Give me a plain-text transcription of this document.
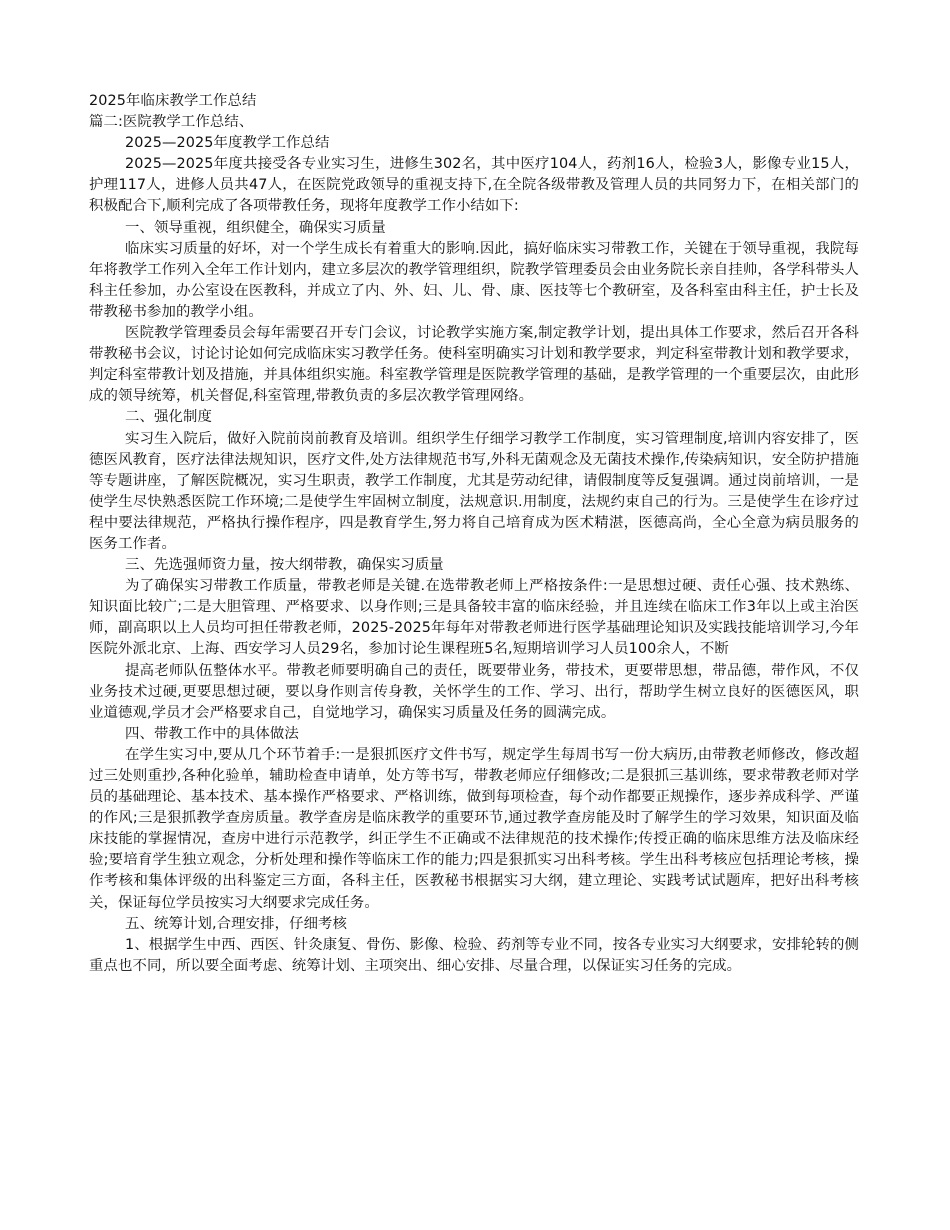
2025年临床教学工作总结

篇二:医院教学工作总结、

2025—2025年度教学工作总结

2025—2025年度共接受各专业实习生，进修生302名，其中医疗104人，药剂16人，检验3人，影像专业15人，护理117人，进修人员共47人，在医院党政领导的重视支持下,在全院各级带教及管理人员的共同努力下，在相关部门的积极配合下,顺利完成了各项带教任务，现将年度教学工作小结如下:

一、领导重视，组织健全，确保实习质量

临床实习质量的好坏，对一个学生成长有着重大的影响.因此，搞好临床实习带教工作，关键在于领导重视，我院每年将教学工作列入全年工作计划内，建立多层次的教学管理组织，院教学管理委员会由业务院长亲自挂帅，各学科带头人科主任参加，办公室设在医教科，并成立了内、外、妇、儿、骨、康、医技等七个教研室，及各科室由科主任，护士长及带教秘书参加的教学小组。

医院教学管理委员会每年需要召开专门会议，讨论教学实施方案,制定教学计划，提出具体工作要求，然后召开各科带教秘书会议，讨论讨论如何完成临床实习教学任务。使科室明确实习计划和教学要求，判定科室带教计划和教学要求，判定科室带教计划及措施，并具体组织实施。科室教学管理是医院教学管理的基础，是教学管理的一个重要层次，由此形成的领导统筹，机关督促,科室管理,带教负责的多层次教学管理网络。

二、强化制度

实习生入院后，做好入院前岗前教育及培训。组织学生仔细学习教学工作制度，实习管理制度,培训内容安排了，医德医风教育，医疗法律法规知识，医疗文件,处方法律规范书写,外科无菌观念及无菌技术操作,传染病知识，安全防护措施等专题讲座，了解医院概况，实习生职责，教学工作制度，尤其是劳动纪律，请假制度等反复强调。通过岗前培训，一是使学生尽快熟悉医院工作环境;二是使学生牢固树立制度，法规意识.用制度，法规约束自己的行为。三是使学生在诊疗过程中要法律规范，严格执行操作程序，四是教育学生,努力将自己培育成为医术精湛，医德高尚，全心全意为病员服务的医务工作者。

三、先选强师资力量，按大纲带教，确保实习质量

为了确保实习带教工作质量，带教老师是关键.在选带教老师上严格按条件:一是思想过硬、责任心强、技术熟练、知识面比较广;二是大胆管理、严格要求、以身作则;三是具备较丰富的临床经验，并且连续在临床工作3年以上或主治医师，副高职以上人员均可担任带教老师，2025-2025年每年对带教老师进行医学基础理论知识及实践技能培训学习,今年医院外派北京、上海、西安学习人员29名，参加讨论生课程班5名,短期培训学习人员100余人，不断

提高老师队伍整体水平。带教老师要明确自己的责任，既要带业务，带技术，更要带思想，带品德，带作风，不仅业务技术过硬,更要思想过硬，要以身作则言传身教，关怀学生的工作、学习、出行，帮助学生树立良好的医德医风，职业道德观,学员才会严格要求自己，自觉地学习，确保实习质量及任务的圆满完成。

四、带教工作中的具体做法

在学生实习中,要从几个环节着手:一是狠抓医疗文件书写，规定学生每周书写一份大病历,由带教老师修改，修改超过三处则重抄,各种化验单，辅助检查申请单，处方等书写，带教老师应仔细修改;二是狠抓三基训练，要求带教老师对学员的基础理论、基本技术、基本操作严格要求、严格训练，做到每项检查，每个动作都要正规操作，逐步养成科学、严谨的作风;三是狠抓教学查房质量。教学查房是临床教学的重要环节,通过教学查房能及时了解学生的学习效果，知识面及临床技能的掌握情况，查房中进行示范教学，纠正学生不正确或不法律规范的技术操作;传授正确的临床思维方法及临床经验;要培育学生独立观念，分析处理和操作等临床工作的能力;四是狠抓实习出科考核。学生出科考核应包括理论考核，操作考核和集体评级的出科鉴定三方面，各科主任，医教秘书根据实习大纲，建立理论、实践考试试题库，把好出科考核关，保证每位学员按实习大纲要求完成任务。

五、统筹计划,合理安排，仔细考核

1、根据学生中西、西医、针灸康复、骨伤、影像、检验、药剂等专业不同，按各专业实习大纲要求，安排轮转的侧重点也不同，所以要全面考虑、统筹计划、主项突出、细心安排、尽量合理，以保证实习任务的完成。
